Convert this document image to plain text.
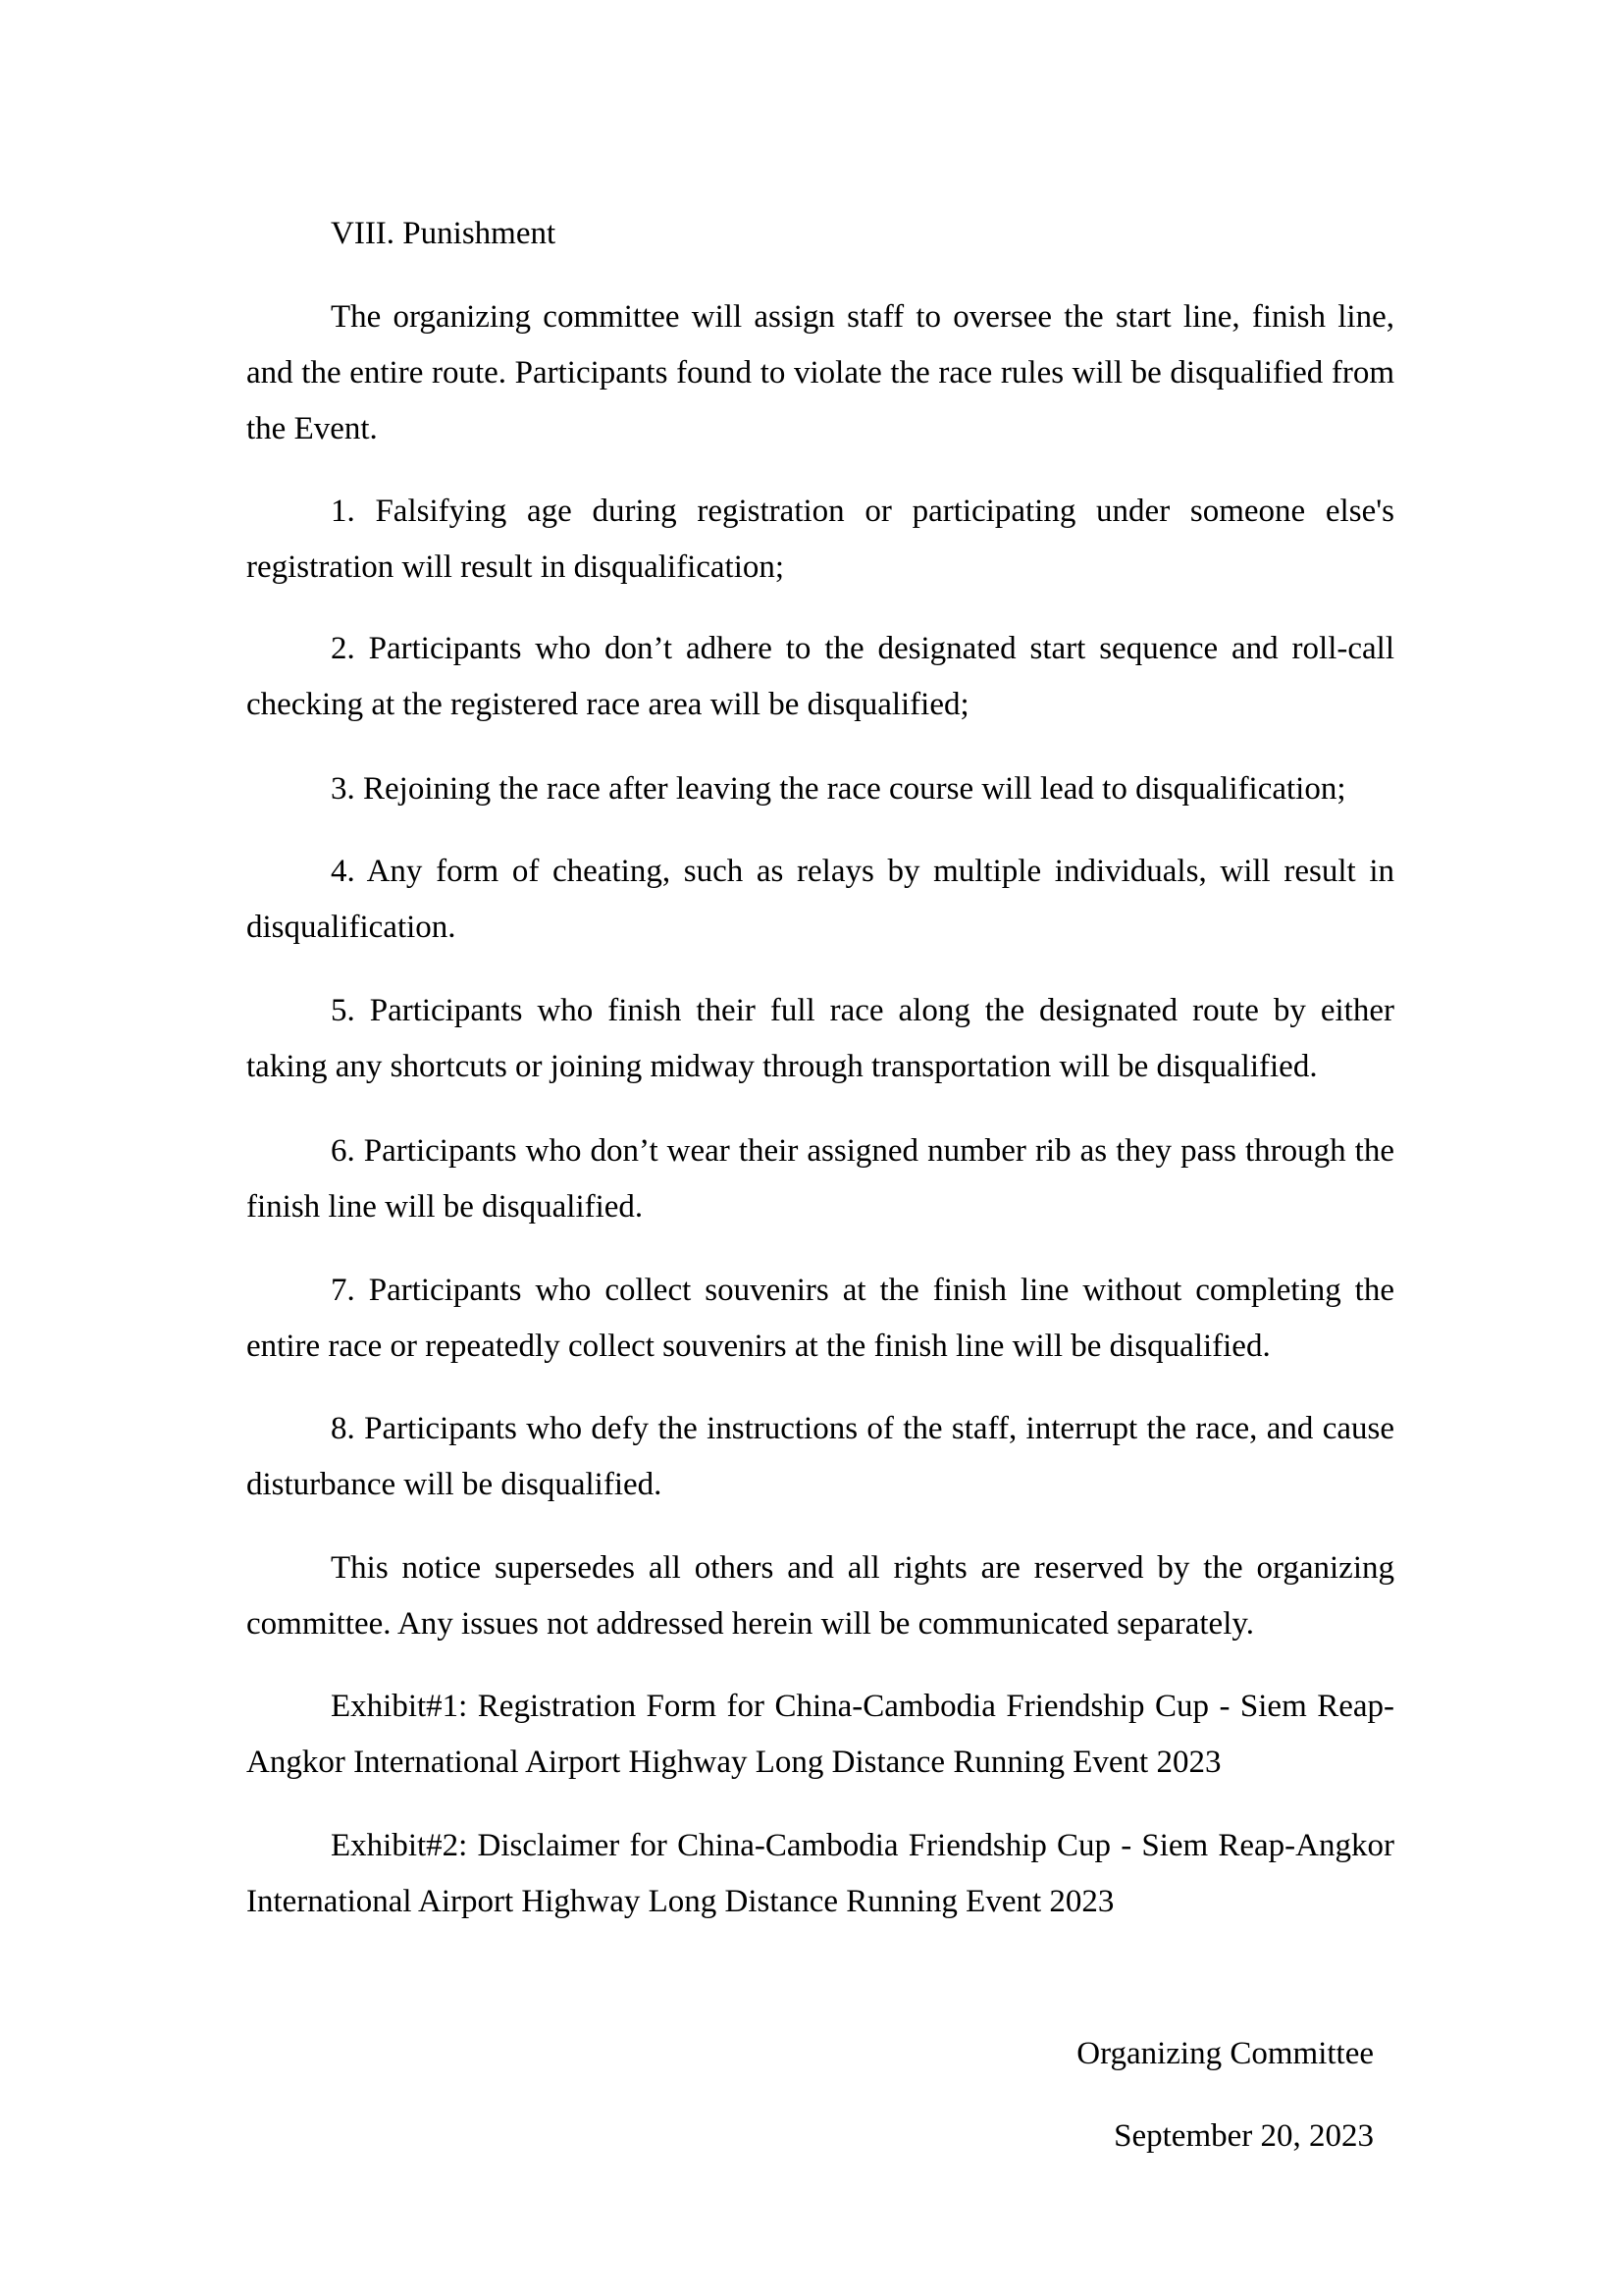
VIII. Punishment

The organizing committee will assign staff to oversee the start line, finish line, and the entire route. Participants found to violate the race rules will be disqualified from the Event.

1. Falsifying age during registration or participating under someone else's registration will result in disqualification;

2. Participants who don’t adhere to the designated start sequence and roll-call checking at the registered race area will be disqualified;

3. Rejoining the race after leaving the race course will lead to disqualification;

4. Any form of cheating, such as relays by multiple individuals, will result in disqualification.

5. Participants who finish their full race along the designated route by either taking any shortcuts or joining midway through transportation will be disqualified.

6. Participants who don’t wear their assigned number rib as they pass through the finish line will be disqualified.

7. Participants who collect souvenirs at the finish line without completing the entire race or repeatedly collect souvenirs at the finish line will be disqualified.

8. Participants who defy the instructions of the staff, interrupt the race, and cause disturbance will be disqualified.

This notice supersedes all others and all rights are reserved by the organizing committee. Any issues not addressed herein will be communicated separately.

Exhibit#1: Registration Form for China-Cambodia Friendship Cup - Siem Reap-Angkor International Airport Highway Long Distance Running Event 2023

Exhibit#2: Disclaimer for China-Cambodia Friendship Cup - Siem Reap-Angkor International Airport Highway Long Distance Running Event 2023

Organizing Committee

September 20, 2023
